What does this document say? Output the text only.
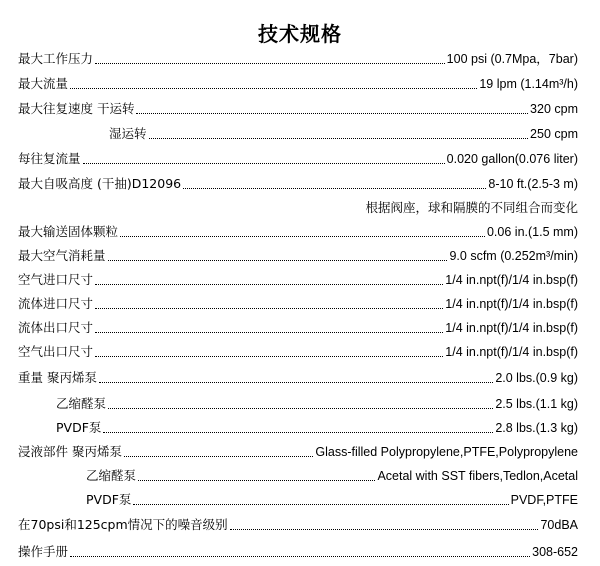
技术规格
最大工作压力	100 psi (0.7Mpa，7bar)
最大流量	19 lpm (1.14m³/h)
最大往复速度 干运转	320 cpm
湿运转	250 cpm
每往复流量	0.020 gallon(0.076 liter)
最大自吸高度 (干抽)D12096	8-10 ft.(2.5-3 m)
根据阀座，球和隔膜的不同组合而变化
最大输送固体颗粒	0.06 in.(1.5 mm)
最大空气消耗量	9.0 scfm (0.252m³/min)
空气进口尺寸	1/4 in.npt(f)/1/4 in.bsp(f)
流体进口尺寸	1/4 in.npt(f)/1/4 in.bsp(f)
流体出口尺寸	1/4 in.npt(f)/1/4 in.bsp(f)
空气出口尺寸	1/4 in.npt(f)/1/4 in.bsp(f)
重量 聚丙烯泵	2.0 lbs.(0.9 kg)
乙缩醛泵	2.5 lbs.(1.1 kg)
PVDF泵	2.8 lbs.(1.3 kg)
浸液部件 聚丙烯泵	Glass-filled Polypropylene,PTFE,Polypropylene
乙缩醛泵	Acetal with SST fibers,Tedlon,Acetal
PVDF泵	PVDF,PTFE
在70psi和125cpm情况下的噪音级别	70dBA
操作手册	308-652
